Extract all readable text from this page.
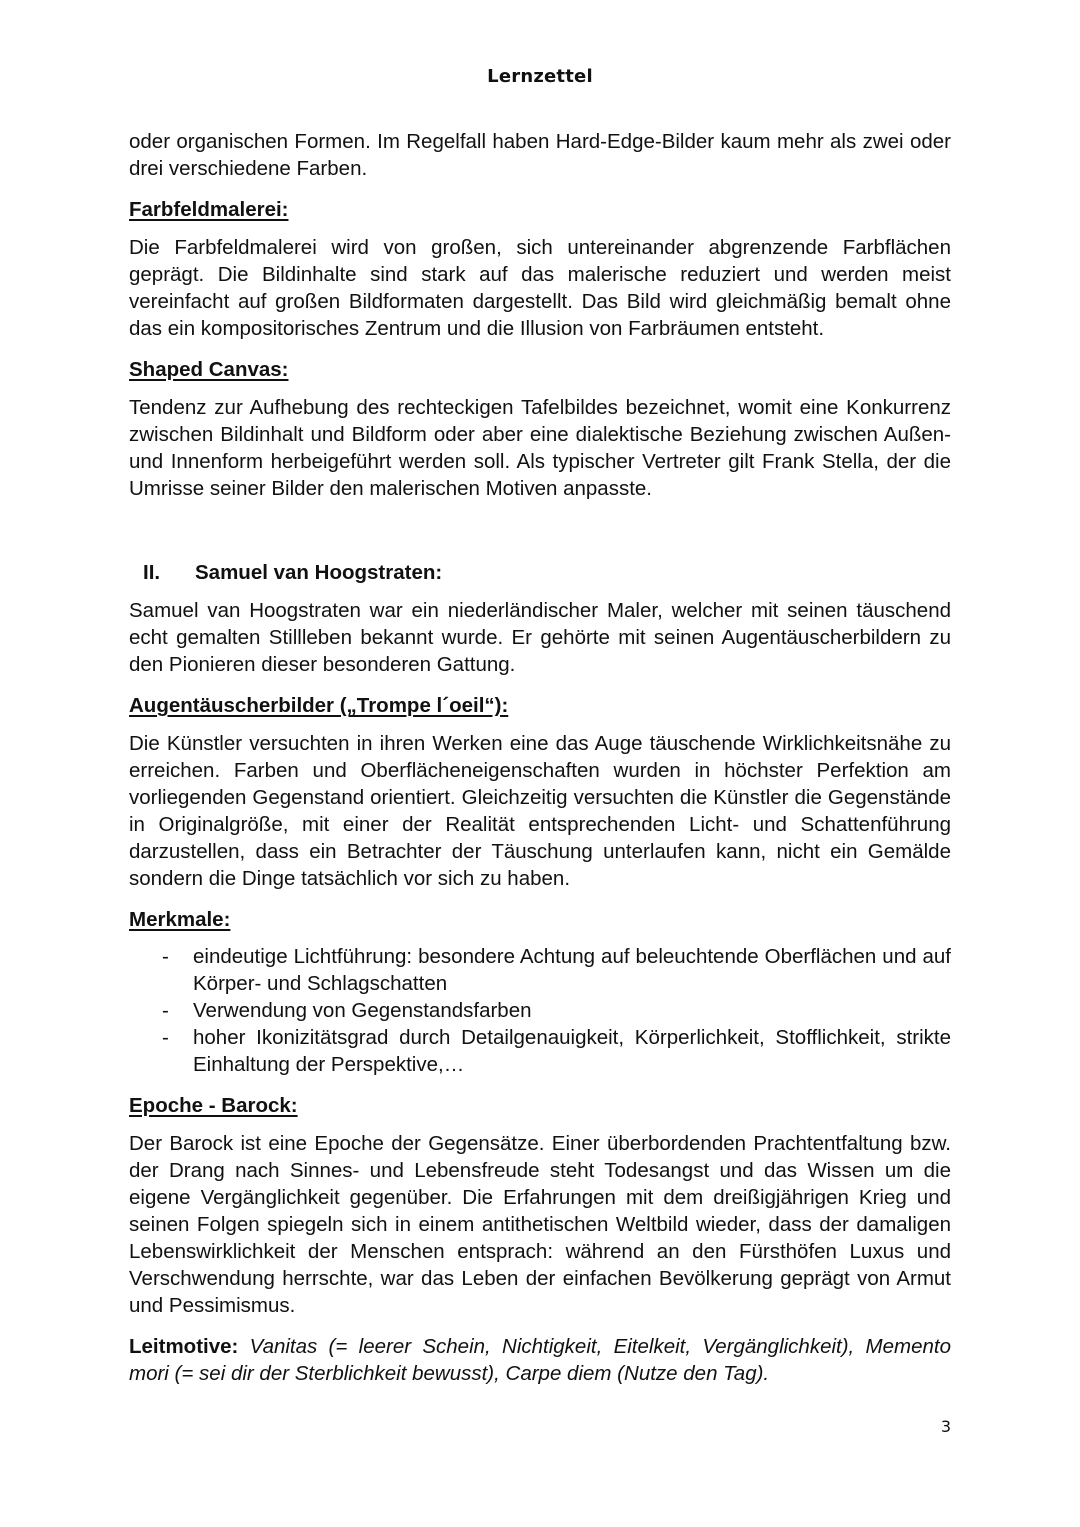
Lernzettel

oder organischen Formen. Im Regelfall haben Hard-Edge-Bilder kaum mehr als zwei oder drei verschiedene Farben.

Farbfeldmalerei:

Die Farbfeldmalerei wird von großen, sich untereinander abgrenzende Farbflächen geprägt. Die Bildinhalte sind stark auf das malerische reduziert und werden meist vereinfacht auf großen Bildformaten dargestellt. Das Bild wird gleichmäßig bemalt ohne das ein kompositorisches Zentrum und die Illusion von Farbräumen entsteht.

Shaped Canvas:

Tendenz zur Aufhebung des rechteckigen Tafelbildes bezeichnet, womit eine Konkurrenz zwischen Bildinhalt und Bildform oder aber eine dialektische Beziehung zwischen Außen- und Innenform herbeigeführt werden soll. Als typischer Vertreter gilt Frank Stella, der die Umrisse seiner Bilder den malerischen Motiven anpasste.

II.	Samuel van Hoogstraten:

Samuel van Hoogstraten war ein niederländischer Maler, welcher mit seinen täuschend echt gemalten Stillleben bekannt wurde. Er gehörte mit seinen Augentäuscherbildern zu den Pionieren dieser besonderen Gattung.

Augentäuscherbilder („Trompe l´oeil“):

Die Künstler versuchten in ihren Werken eine das Auge täuschende Wirklichkeitsnähe zu erreichen. Farben und Oberflächeneigenschaften wurden in höchster Perfektion am vorliegenden Gegenstand orientiert. Gleichzeitig versuchten die Künstler die Gegenstände in Originalgröße, mit einer der Realität entsprechenden Licht- und Schattenführung darzustellen, dass ein Betrachter der Täuschung unterlaufen kann, nicht ein Gemälde sondern die Dinge tatsächlich vor sich zu haben.

Merkmale:
-	eindeutige Lichtführung: besondere Achtung auf beleuchtende Oberflächen und auf Körper- und Schlagschatten
-	Verwendung von Gegenstandsfarben
-	hoher Ikonizitätsgrad durch Detailgenauigkeit, Körperlichkeit, Stofflichkeit, strikte Einhaltung der Perspektive,…
Epoche - Barock:

Der Barock ist eine Epoche der Gegensätze. Einer überbordenden Prachtentfaltung bzw. der Drang nach Sinnes- und Lebensfreude steht Todesangst und das Wissen um die eigene Vergänglichkeit gegenüber. Die Erfahrungen mit dem dreißigjährigen Krieg und seinen Folgen spiegeln sich in einem antithetischen Weltbild wieder, dass der damaligen Lebenswirklichkeit der Menschen entsprach: während an den Fürsthöfen Luxus und Verschwendung herrschte, war das Leben der einfachen Bevölkerung geprägt von Armut und Pessimismus.

Leitmotive: Vanitas (= leerer Schein, Nichtigkeit, Eitelkeit, Vergänglichkeit), Memento mori (= sei dir der Sterblichkeit bewusst), Carpe diem (Nutze den Tag).

3
